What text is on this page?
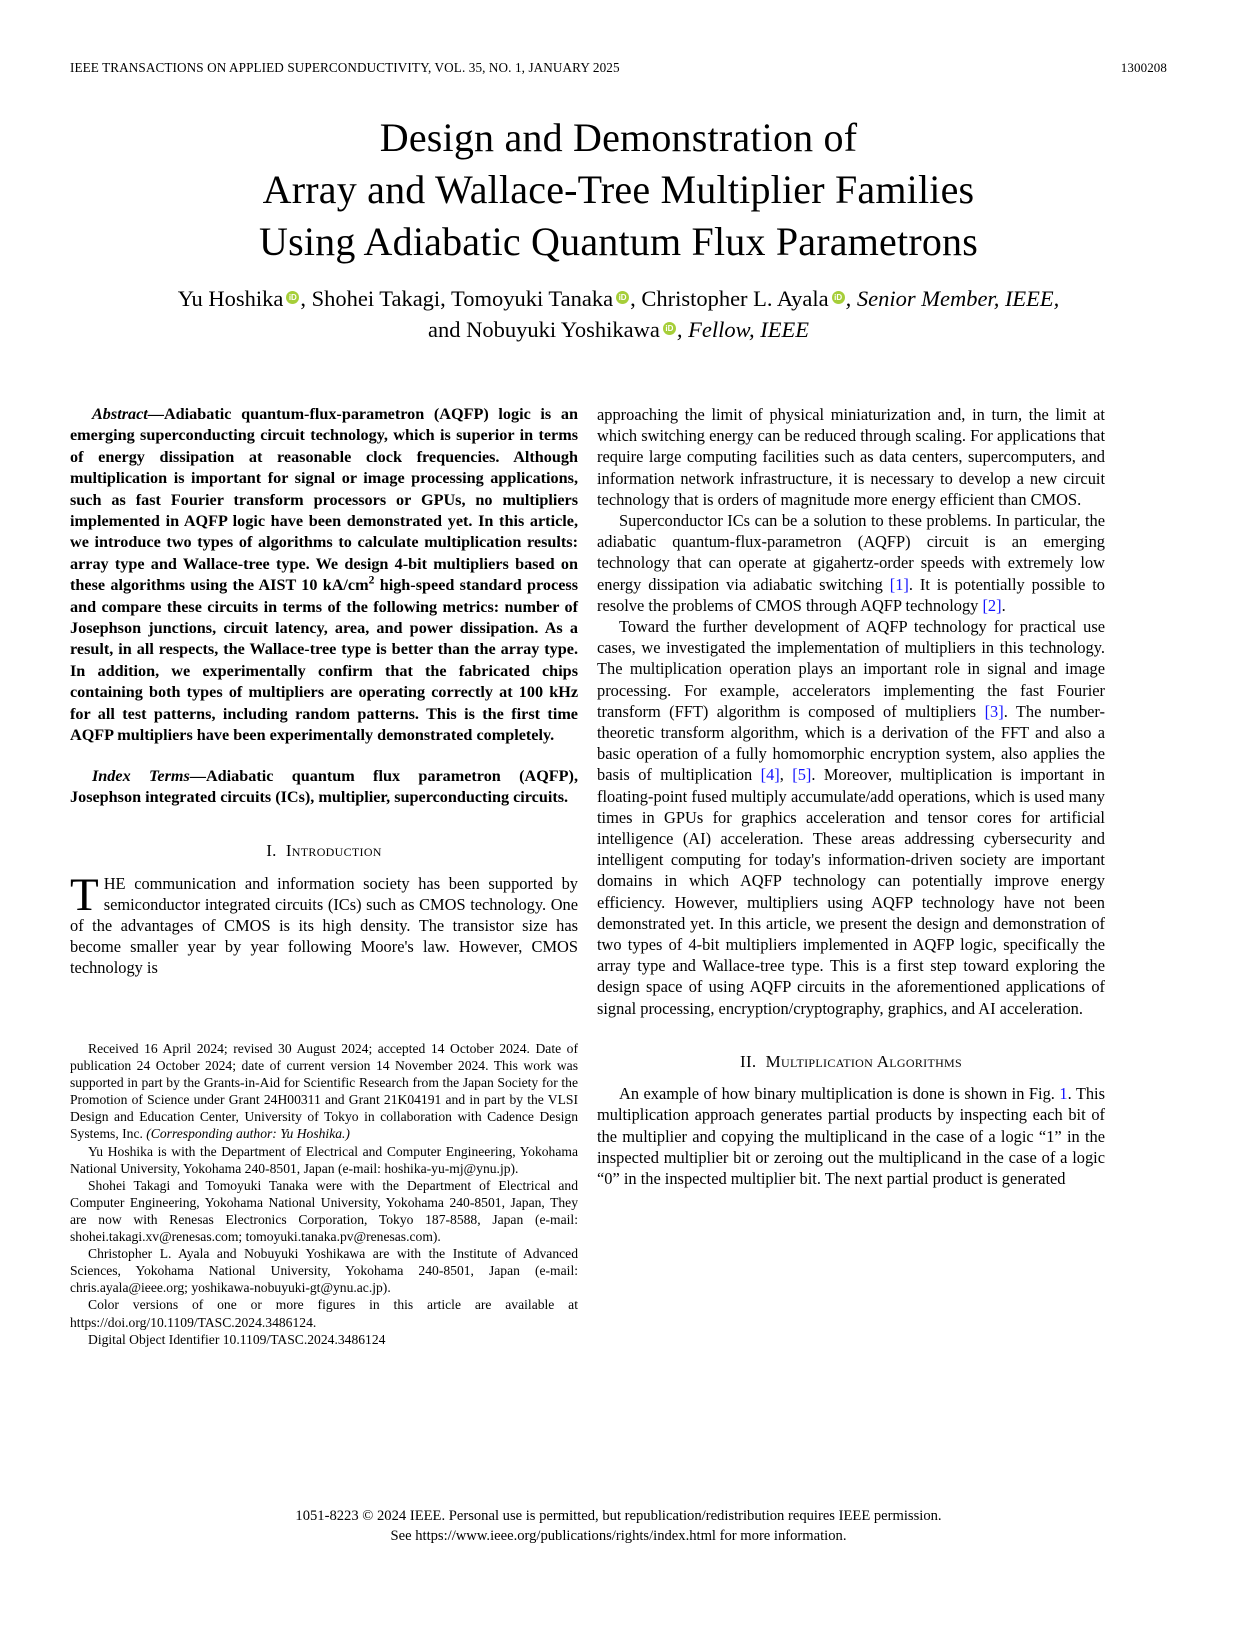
IEEE TRANSACTIONS ON APPLIED SUPERCONDUCTIVITY, VOL. 35, NO. 1, JANUARY 2025	1300208
Design and Demonstration of
Array and Wallace-Tree Multiplier Families
Using Adiabatic Quantum Flux Parametrons
Yu Hoshika iD , Shohei Takagi, Tomoyuki Tanaka iD , Christopher L. Ayala iD , Senior Member, IEEE,
and Nobuyuki Yoshikawa iD , Fellow, IEEE

Abstract—Adiabatic quantum-flux-parametron (AQFP) logic is an emerging superconducting circuit technology, which is superior in terms of energy dissipation at reasonable clock frequencies. Although multiplication is important for signal or image processing applications, such as fast Fourier transform processors or GPUs, no multipliers implemented in AQFP logic have been demonstrated yet. In this article, we introduce two types of algorithms to calculate multiplication results: array type and Wallace-tree type. We design 4-bit multipliers based on these algorithms using the AIST 10 $kA/cm^2$ high-speed standard process and compare these circuits in terms of the following metrics: number of Josephson junctions, circuit latency, area, and power dissipation. As a result, in all respects, the Wallace-tree type is better than the array type. In addition, we experimentally confirm that the fabricated chips containing both types of multipliers are operating correctly at 100 kHz for all test patterns, including random patterns. This is the first time AQFP multipliers have been experimentally demonstrated completely.

Index Terms—Adiabatic quantum flux parametron (AQFP), Josephson integrated circuits (ICs), multiplier, superconducting circuits.

I. Introduction

THE communication and information society has been supported by semiconductor integrated circuits (ICs) such as CMOS technology. One of the advantages of CMOS is its high density. The transistor size has become smaller year by year following Moore's law. However, CMOS technology is

approaching the limit of physical miniaturization and, in turn, the limit at which switching energy can be reduced through scaling. For applications that require large computing facilities such as data centers, supercomputers, and information network infrastructure, it is necessary to develop a new circuit technology that is orders of magnitude more energy efficient than CMOS.

Superconductor ICs can be a solution to these problems. In particular, the adiabatic quantum-flux-parametron (AQFP) circuit is an emerging technology that can operate at gigahertz-order speeds with extremely low energy dissipation via adiabatic switching [1]. It is potentially possible to resolve the problems of CMOS through AQFP technology [2].

Toward the further development of AQFP technology for practical use cases, we investigated the implementation of multipliers in this technology. The multiplication operation plays an important role in signal and image processing. For example, accelerators implementing the fast Fourier transform (FFT) algorithm is composed of multipliers [3]. The number-theoretic transform algorithm, which is a derivation of the FFT and also a basic operation of a fully homomorphic encryption system, also applies the basis of multiplication [4], [5]. Moreover, multiplication is important in floating-point fused multiply accumulate/add operations, which is used many times in GPUs for graphics acceleration and tensor cores for artificial intelligence (AI) acceleration. These areas addressing cybersecurity and intelligent computing for today's information-driven society are important domains in which AQFP technology can potentially improve energy efficiency. However, multipliers using AQFP technology have not been demonstrated yet. In this article, we present the design and demonstration of two types of 4-bit multipliers implemented in AQFP logic, specifically the array type and Wallace-tree type. This is a first step toward exploring the design space of using AQFP circuits in the aforementioned applications of signal processing, encryption/cryptography, graphics, and AI acceleration.

II. Multiplication Algorithms

An example of how binary multiplication is done is shown in Fig. 1. This multiplication approach generates partial products by inspecting each bit of the multiplier and copying the multiplicand in the case of a logic “1” in the inspected multiplier bit or zeroing out the multiplicand in the case of a logic “0” in the inspected multiplier bit. The next partial product is generated

Received 16 April 2024; revised 30 August 2024; accepted 14 October 2024. Date of publication 24 October 2024; date of current version 14 November 2024. This work was supported in part by the Grants-in-Aid for Scientific Research from the Japan Society for the Promotion of Science under Grant 24H00311 and Grant 21K04191 and in part by the VLSI Design and Education Center, University of Tokyo in collaboration with Cadence Design Systems, Inc. (Corresponding author: Yu Hoshika.)

Yu Hoshika is with the Department of Electrical and Computer Engineering, Yokohama National University, Yokohama 240-8501, Japan (e-mail: hoshika-yu-mj@ynu.jp).

Shohei Takagi and Tomoyuki Tanaka were with the Department of Electrical and Computer Engineering, Yokohama National University, Yokohama 240-8501, Japan, They are now with Renesas Electronics Corporation, Tokyo 187-8588, Japan (e-mail: shohei.takagi.xv@renesas.com; tomoyuki.tanaka.pv@renesas.com).

Christopher L. Ayala and Nobuyuki Yoshikawa are with the Institute of Advanced Sciences, Yokohama National University, Yokohama 240-8501, Japan (e-mail: chris.ayala@ieee.org; yoshikawa-nobuyuki-gt@ynu.ac.jp).

Color versions of one or more figures in this article are available at https://doi.org/10.1109/TASC.2024.3486124.

Digital Object Identifier 10.1109/TASC.2024.3486124

1051-8223 © 2024 IEEE. Personal use is permitted, but republication/redistribution requires IEEE permission.
See https://www.ieee.org/publications/rights/index.html for more information.
